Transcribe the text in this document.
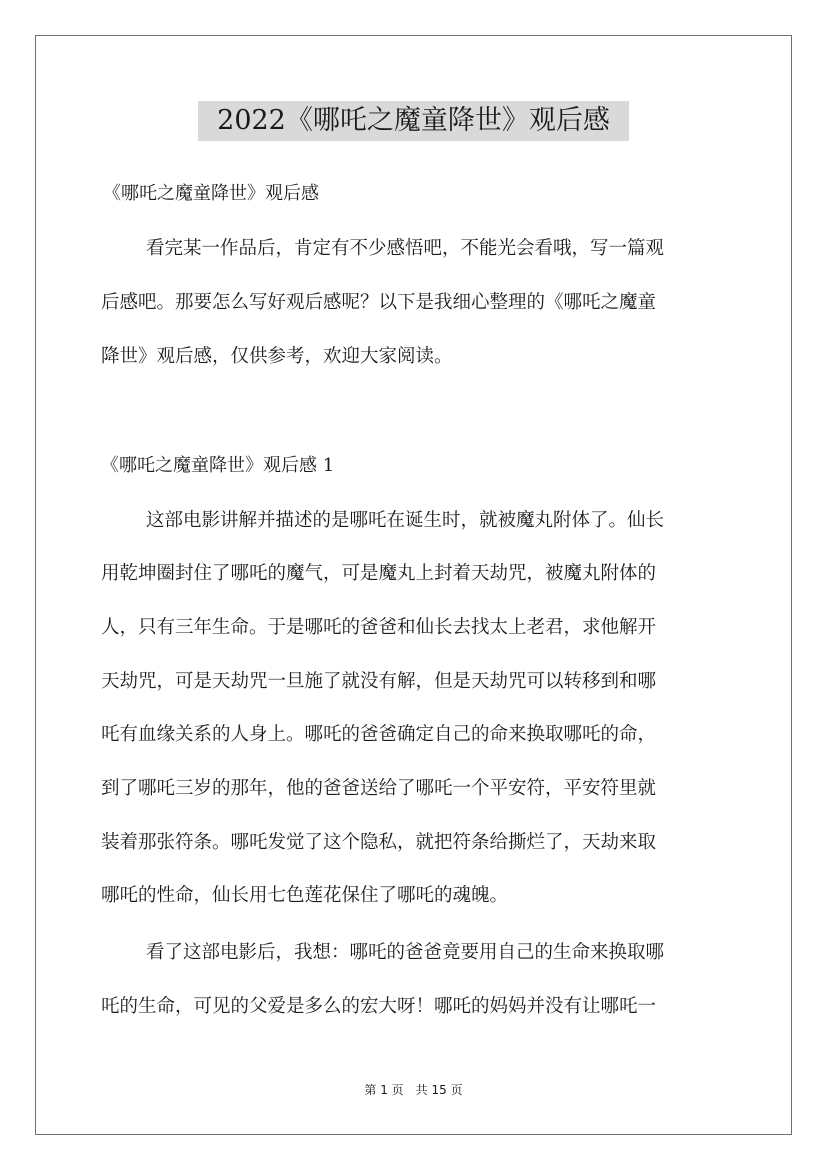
2022《哪吒之魔童降世》观后感
《哪吒之魔童降世》观后感
看完某一作品后，肯定有不少感悟吧，不能光会看哦，写一篇观
后感吧。那要怎么写好观后感呢？以下是我细心整理的《哪吒之魔童
降世》观后感，仅供参考，欢迎大家阅读。
《哪吒之魔童降世》观后感 1
这部电影讲解并描述的是哪吒在诞生时，就被魔丸附体了。仙长
用乾坤圈封住了哪吒的魔气，可是魔丸上封着天劫咒，被魔丸附体的
人，只有三年生命。于是哪吒的爸爸和仙长去找太上老君，求他解开
天劫咒，可是天劫咒一旦施了就没有解，但是天劫咒可以转移到和哪
吒有血缘关系的人身上。哪吒的爸爸确定自己的命来换取哪吒的命，
到了哪吒三岁的那年，他的爸爸送给了哪吒一个平安符，平安符里就
装着那张符条。哪吒发觉了这个隐私，就把符条给撕烂了，天劫来取
哪吒的性命，仙长用七色莲花保住了哪吒的魂魄。
看了这部电影后，我想：哪吒的爸爸竟要用自己的生命来换取哪
吒的生命，可见的父爱是多么的宏大呀！哪吒的妈妈并没有让哪吒一
第 1 页　共 15 页
